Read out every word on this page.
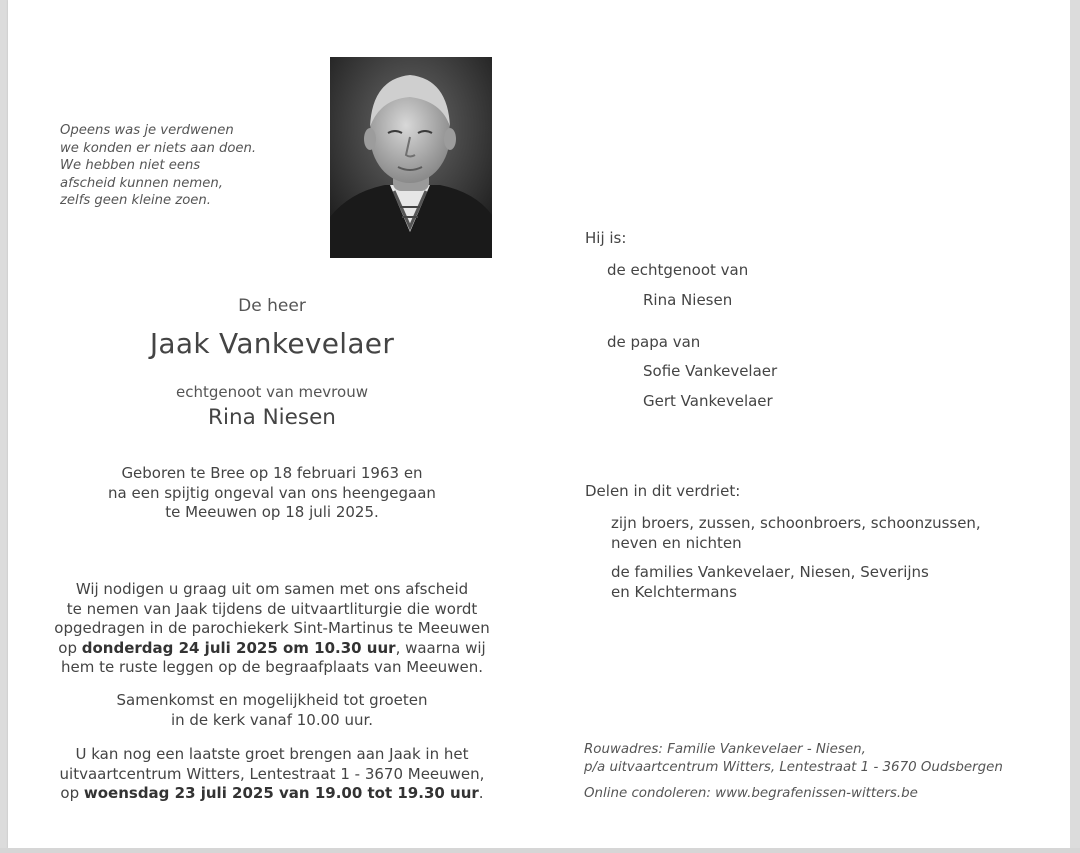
Opeens was je verdwenen
we konden er niets aan doen.
We hebben niet eens
afscheid kunnen nemen,
zelfs geen kleine zoen.
De heer
Jaak Vankevelaer
echtgenoot van mevrouw
Rina Niesen
Geboren te Bree op 18 februari 1963 en
na een spijtig ongeval van ons heengegaan
te Meeuwen op 18 juli 2025.
Wij nodigen u graag uit om samen met ons afscheid
te nemen van Jaak tijdens de uitvaartliturgie die wordt
opgedragen in de parochiekerk Sint-Martinus te Meeuwen
op donderdag 24 juli 2025 om 10.30 uur, waarna wij
hem te ruste leggen op de begraafplaats van Meeuwen.
Samenkomst en mogelijkheid tot groeten
in de kerk vanaf 10.00 uur.
U kan nog een laatste groet brengen aan Jaak in het
uitvaartcentrum Witters, Lentestraat 1 - 3670 Meeuwen,
op woensdag 23 juli 2025 van 19.00 tot 19.30 uur.
Hij is:
de echtgenoot van
Rina Niesen
de papa van
Sofie Vankevelaer
Gert Vankevelaer
Delen in dit verdriet:
zijn broers, zussen, schoonbroers, schoonzussen,
neven en nichten
de families Vankevelaer, Niesen, Severijns
en Kelchtermans
Rouwadres: Familie Vankevelaer - Niesen,
p/a uitvaartcentrum Witters, Lentestraat 1 - 3670 Oudsbergen
Online condoleren: www.begrafenissen-witters.be
